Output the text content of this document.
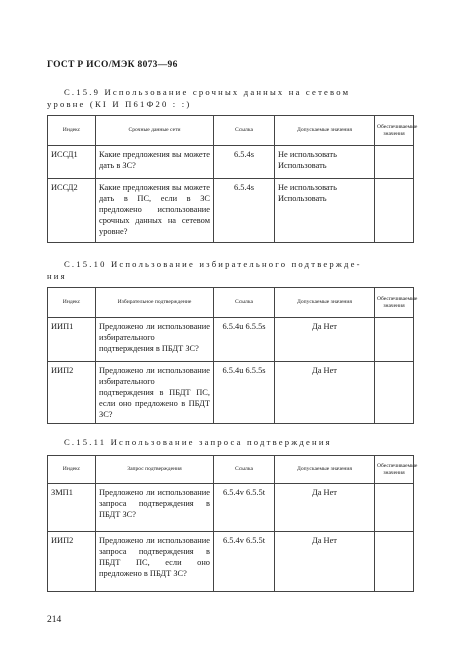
ГОСТ Р ИСО/МЭК 8073—96
С.15.9 Использование срочных данных на сетевом
уровне (КI И П61Ф20 : :)
Индекс	Срочные данные сети	Ссылка	Допускаемые значения	Обеспечиваемые значения
ИССД1	Какие предложения вы можете дать в ЗС?	6.5.4s	Не использовать Использовать	
ИССД2	Какие предложения вы можете дать в ПС, если в ЗС предложено использование срочных данных на сетевом уровне?	6.5.4s	Не использовать Использовать	
С.15.10 Использование избирательного подтвержде-
ния
Индекс	Избирательное подтверждение	Ссылка	Допускаемые значения	Обеспечиваемые значения
ИИП1	Предложено ли использование избирательного подтверждения в ПБДТ ЗС?	6.5.4u 6.5.5s	Да Нет	
ИИП2	Предложено ли использование избирательного подтверждения в ПБДТ ПС, если оно предложено в ПБДТ ЗС?	6.5.4u 6.5.5s	Да Нет	
С.15.11 Использование запроса подтверждения
Индекс	Запрос подтверждения	Ссылка	Допускаемые значения	Обеспечиваемые значения
ЗМП1	Предложено ли использование запроса подтверждения в ПБДТ ЗС?	6.5.4v 6.5.5t	Да Нет	
ИИП2	Предложено ли использование запроса подтверждения в ПБДТ ПС, если оно предложено в ПБДТ ЗС?	6.5.4v 6.5.5t	Да Нет	
214
